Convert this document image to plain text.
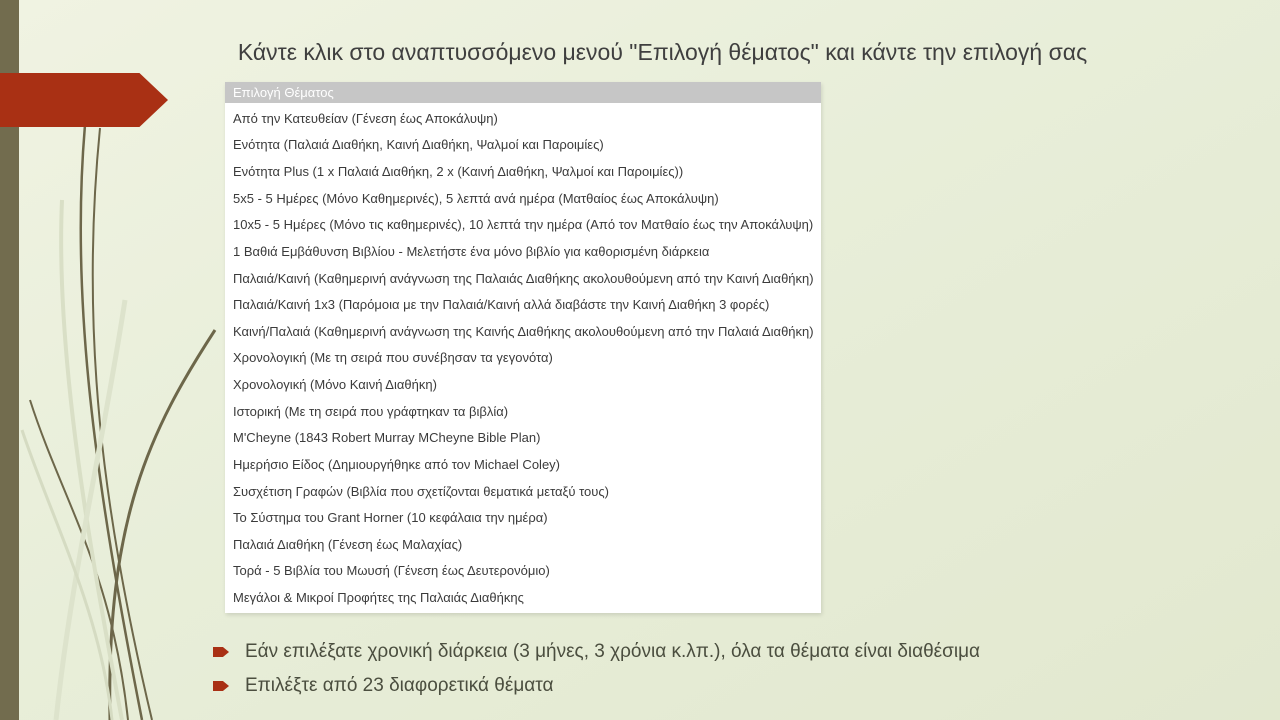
Κάντε κλικ στο αναπτυσσόμενο μενού "Επιλογή θέματος" και κάντε την επιλογή σας
Επιλογή Θέματος
Από την Κατευθείαν (Γένεση έως Αποκάλυψη)
Ενότητα (Παλαιά Διαθήκη, Καινή Διαθήκη, Ψαλμοί και Παροιμίες)
Ενότητα Plus (1 x Παλαιά Διαθήκη, 2 x (Καινή Διαθήκη, Ψαλμοί και Παροιμίες))
5x5 - 5 Ημέρες (Μόνο Καθημερινές), 5 λεπτά ανά ημέρα (Ματθαίος έως Αποκάλυψη)
10x5 - 5 Ημέρες (Μόνο τις καθημερινές), 10 λεπτά την ημέρα (Από τον Ματθαίο έως την Αποκάλυψη)
1 Βαθιά Εμβάθυνση Βιβλίου - Μελετήστε ένα μόνο βιβλίο για καθορισμένη διάρκεια
Παλαιά/Καινή (Καθημερινή ανάγνωση της Παλαιάς Διαθήκης ακολουθούμενη από την Καινή Διαθήκη)
Παλαιά/Καινή 1x3 (Παρόμοια με την Παλαιά/Καινή αλλά διαβάστε την Καινή Διαθήκη 3 φορές)
Καινή/Παλαιά (Καθημερινή ανάγνωση της Καινής Διαθήκης ακολουθούμενη από την Παλαιά Διαθήκη)
Χρονολογική (Με τη σειρά που συνέβησαν τα γεγονότα)
Χρονολογική (Μόνο Καινή Διαθήκη)
Ιστορική (Με τη σειρά που γράφτηκαν τα βιβλία)
M'Cheyne (1843 Robert Murray MCheyne Bible Plan)
Ημερήσιο Είδος (Δημιουργήθηκε από τον Michael Coley)
Συσχέτιση Γραφών (Βιβλία που σχετίζονται θεματικά μεταξύ τους)
Το Σύστημα του Grant Horner (10 κεφάλαια την ημέρα)
Παλαιά Διαθήκη (Γένεση έως Μαλαχίας)
Τορά - 5 Βιβλία του Μωυσή (Γένεση έως Δευτερονόμιο)
Μεγάλοι & Μικροί Προφήτες της Παλαιάς Διαθήκης
Εάν επιλέξατε χρονική διάρκεια (3 μήνες, 3 χρόνια κ.λπ.), όλα τα θέματα είναι διαθέσιμα
Επιλέξτε από 23 διαφορετικά θέματα
